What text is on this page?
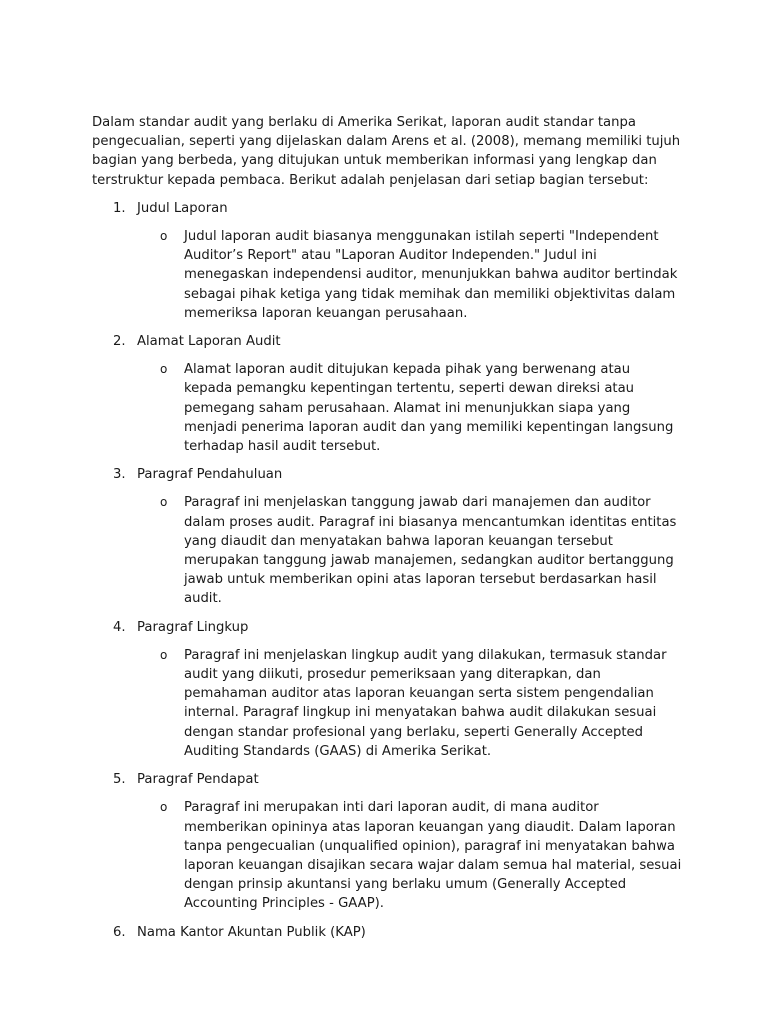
Dalam standar audit yang berlaku di Amerika Serikat, laporan audit standar tanpa pengecualian, seperti yang dijelaskan dalam Arens et al. (2008), memang memiliki tujuh bagian yang berbeda, yang ditujukan untuk memberikan informasi yang lengkap dan terstruktur kepada pembaca. Berikut adalah penjelasan dari setiap bagian tersebut:

1. Judul Laporan
o Judul laporan audit biasanya menggunakan istilah seperti "Independent Auditor’s Report" atau "Laporan Auditor Independen." Judul ini menegaskan independensi auditor, menunjukkan bahwa auditor bertindak sebagai pihak ketiga yang tidak memihak dan memiliki objektivitas dalam memeriksa laporan keuangan perusahaan.
2. Alamat Laporan Audit
o Alamat laporan audit ditujukan kepada pihak yang berwenang atau kepada pemangku kepentingan tertentu, seperti dewan direksi atau pemegang saham perusahaan. Alamat ini menunjukkan siapa yang menjadi penerima laporan audit dan yang memiliki kepentingan langsung terhadap hasil audit tersebut.
3. Paragraf Pendahuluan
o Paragraf ini menjelaskan tanggung jawab dari manajemen dan auditor dalam proses audit. Paragraf ini biasanya mencantumkan identitas entitas yang diaudit dan menyatakan bahwa laporan keuangan tersebut merupakan tanggung jawab manajemen, sedangkan auditor bertanggung jawab untuk memberikan opini atas laporan tersebut berdasarkan hasil audit.
4. Paragraf Lingkup
o Paragraf ini menjelaskan lingkup audit yang dilakukan, termasuk standar audit yang diikuti, prosedur pemeriksaan yang diterapkan, dan pemahaman auditor atas laporan keuangan serta sistem pengendalian internal. Paragraf lingkup ini menyatakan bahwa audit dilakukan sesuai dengan standar profesional yang berlaku, seperti Generally Accepted Auditing Standards (GAAS) di Amerika Serikat.
5. Paragraf Pendapat
o Paragraf ini merupakan inti dari laporan audit, di mana auditor memberikan opininya atas laporan keuangan yang diaudit. Dalam laporan tanpa pengecualian (unqualified opinion), paragraf ini menyatakan bahwa laporan keuangan disajikan secara wajar dalam semua hal material, sesuai dengan prinsip akuntansi yang berlaku umum (Generally Accepted Accounting Principles - GAAP).
6. Nama Kantor Akuntan Publik (KAP)
